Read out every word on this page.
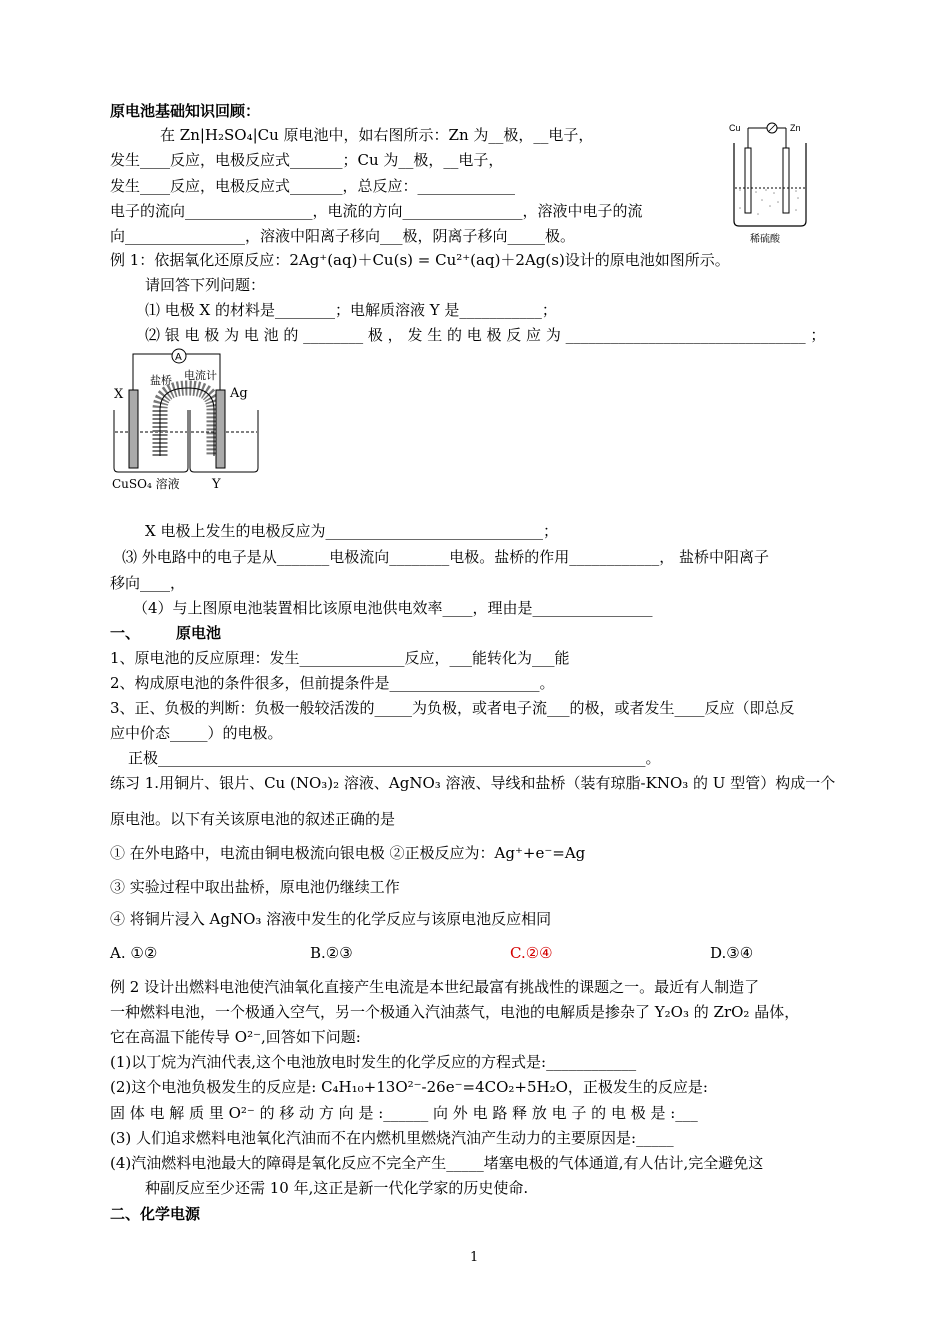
原电池基础知识回顾：
在 Zn|H₂SO₄|Cu 原电池中，如右图所示：Zn 为__极，__电子，
发生____反应，电极反应式_______；Cu 为__极，__电子，
发生____反应，电极反应式_______，总反应：_____________
电子的流向_________________，电流的方向________________，溶液中电子的流
向________________，溶液中阳离子移向___极，阴离子移向_____极。
Cu	Zn
稀硫酸
例 1：依据氧化还原反应：2Ag⁺(aq)＋Cu(s) = Cu²⁺(aq)＋2Ag(s)设计的原电池如图所示。
请回答下列问题：
⑴ 电极 X 的材料是________；电解质溶液 Y 是___________；
⑵ 银 电 极 为 电 池 的 ________ 极 ， 发 生 的 电 极 反 应 为 ________________________________ ；
A
电流计
盐桥
X	Ag
CuSO₄ 溶液 Y
X 电极上发生的电极反应为_____________________________；
⑶ 外电路中的电子是从_______电极流向________电极。盐桥的作用____________， 盐桥中阳离子
移向____，
（4）与上图原电池装置相比该原电池供电效率____，理由是________________
一、 原电池
1、原电池的反应原理：发生______________反应，___能转化为___能
2、构成原电池的条件很多，但前提条件是____________________。
3、正、负极的判断：负极一般较活泼的_____为负极，或者电子流___的极，或者发生____反应（即总反
应中价态_____）的电极。
正极_________________________________________________________________。
练习 1.用铜片、银片、Cu (NO₃)₂ 溶液、AgNO₃ 溶液、导线和盐桥（装有琼脂-KNO₃ 的 U 型管）构成一个
原电池。以下有关该原电池的叙述正确的是
① 在外电路中，电流由铜电极流向银电极 ②正极反应为：Ag⁺+e⁻=Ag
③ 实验过程中取出盐桥，原电池仍继续工作
④ 将铜片浸入 AgNO₃ 溶液中发生的化学反应与该原电池反应相同
A. ①②	B.②③	C.②④	D.③④
例 2 设计出燃料电池使汽油氧化直接产生电流是本世纪最富有挑战性的课题之一。最近有人制造了
一种燃料电池，一个极通入空气，另一个极通入汽油蒸气，电池的电解质是掺杂了 Y₂O₃ 的 ZrO₂ 晶体，
它在高温下能传导 O²⁻,回答如下问题:
(1)以丁烷为汽油代表,这个电池放电时发生的化学反应的方程式是:____________
(2)这个电池负极发生的反应是: C₄H₁₀+13O²⁻-26e⁻=4CO₂+5H₂O，正极发生的反应是:
固 体 电 解 质 里 O²⁻ 的 移 动 方 向 是 :______ 向 外 电 路 释 放 电 子 的 电 极 是 :___
(3) 人们追求燃料电池氧化汽油而不在内燃机里燃烧汽油产生动力的主要原因是:_____
(4)汽油燃料电池最大的障碍是氧化反应不完全产生_____堵塞电极的气体通道,有人估计,完全避免这
种副反应至少还需 10 年,这正是新一代化学家的历史使命.
二、化学电源
1
